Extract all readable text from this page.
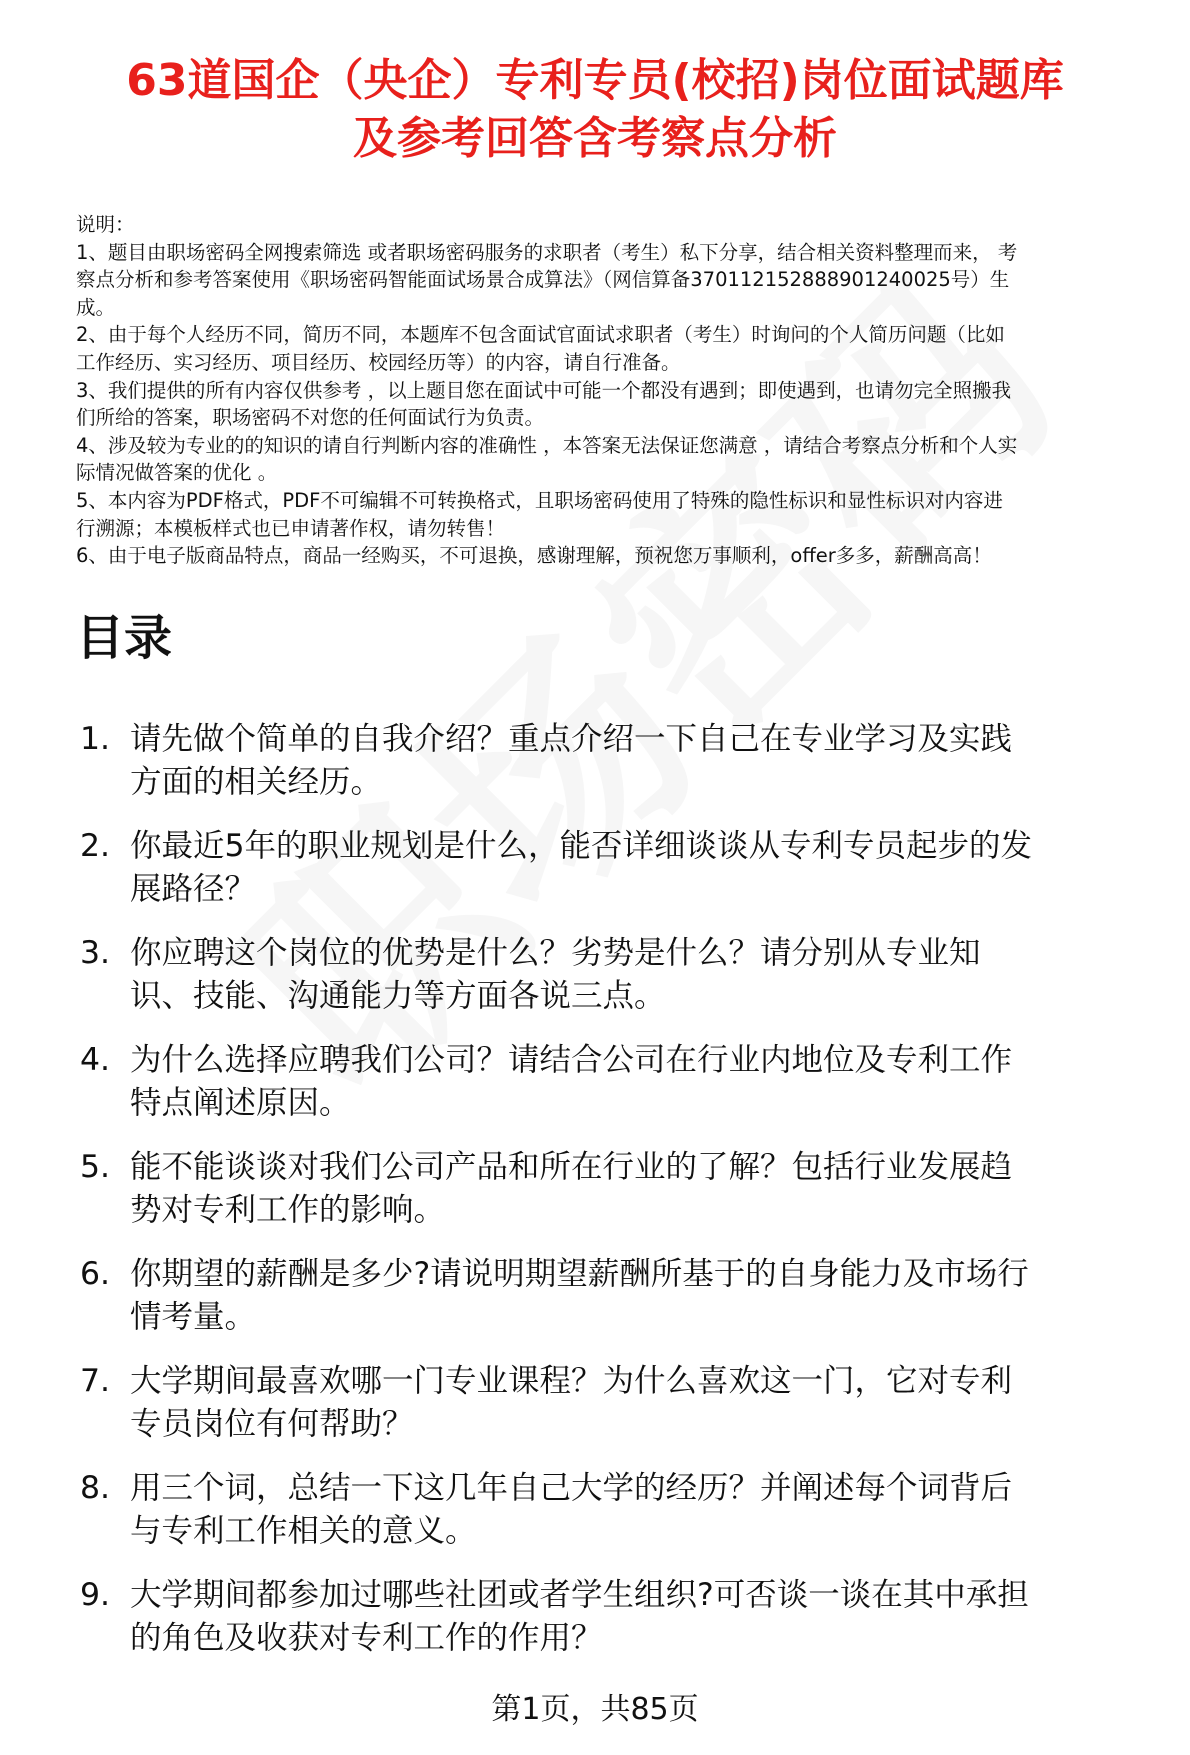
63道国企（央企）专利专员(校招)岗位面试题库
及参考回答含考察点分析
说明：
1、题目由职场密码全网搜索筛选 或者职场密码服务的求职者（考生）私下分享，结合相关资料整理而来， 考
察点分析和参考答案使用《职场密码智能面试场景合成算法》（网信算备370112152888901240025号）生
成。
2、由于每个人经历不同，简历不同，本题库不包含面试官面试求职者（考生）时询问的个人简历问题（比如
工作经历、实习经历、项目经历、校园经历等）的内容，请自行准备。
3、我们提供的所有内容仅供参考 ，以上题目您在面试中可能一个都没有遇到；即使遇到，也请勿完全照搬我
们所给的答案，职场密码不对您的任何面试行为负责。
4、涉及较为专业的的知识的请自行判断内容的准确性 ，本答案无法保证您满意 ，请结合考察点分析和个人实
际情况做答案的优化 。
5、本内容为PDF格式，PDF不可编辑不可转换格式，且职场密码使用了特殊的隐性标识和显性标识对内容进
行溯源；本模板样式也已申请著作权，请勿转售！
6、由于电子版商品特点，商品一经购买，不可退换，感谢理解，预祝您万事顺利，offer多多，薪酬高高！
目录
1. 请先做个简单的自我介绍？重点介绍一下自己在专业学习及实践
方面的相关经历。
2. 你最近5年的职业规划是什么，能否详细谈谈从专利专员起步的发
展路径？
3. 你应聘这个岗位的优势是什么？劣势是什么？请分别从专业知
识、技能、沟通能力等方面各说三点。
4. 为什么选择应聘我们公司？请结合公司在行业内地位及专利工作
特点阐述原因。
5. 能不能谈谈对我们公司产品和所在行业的了解？包括行业发展趋
势对专利工作的影响。
6. 你期望的薪酬是多少?请说明期望薪酬所基于的自身能力及市场行
情考量。
7. 大学期间最喜欢哪一门专业课程？为什么喜欢这一门，它对专利
专员岗位有何帮助？
8. 用三个词，总结一下这几年自己大学的经历？并阐述每个词背后
与专利工作相关的意义。
9. 大学期间都参加过哪些社团或者学生组织?可否谈一谈在其中承担
的角色及收获对专利工作的作用？
第1页，共85页
